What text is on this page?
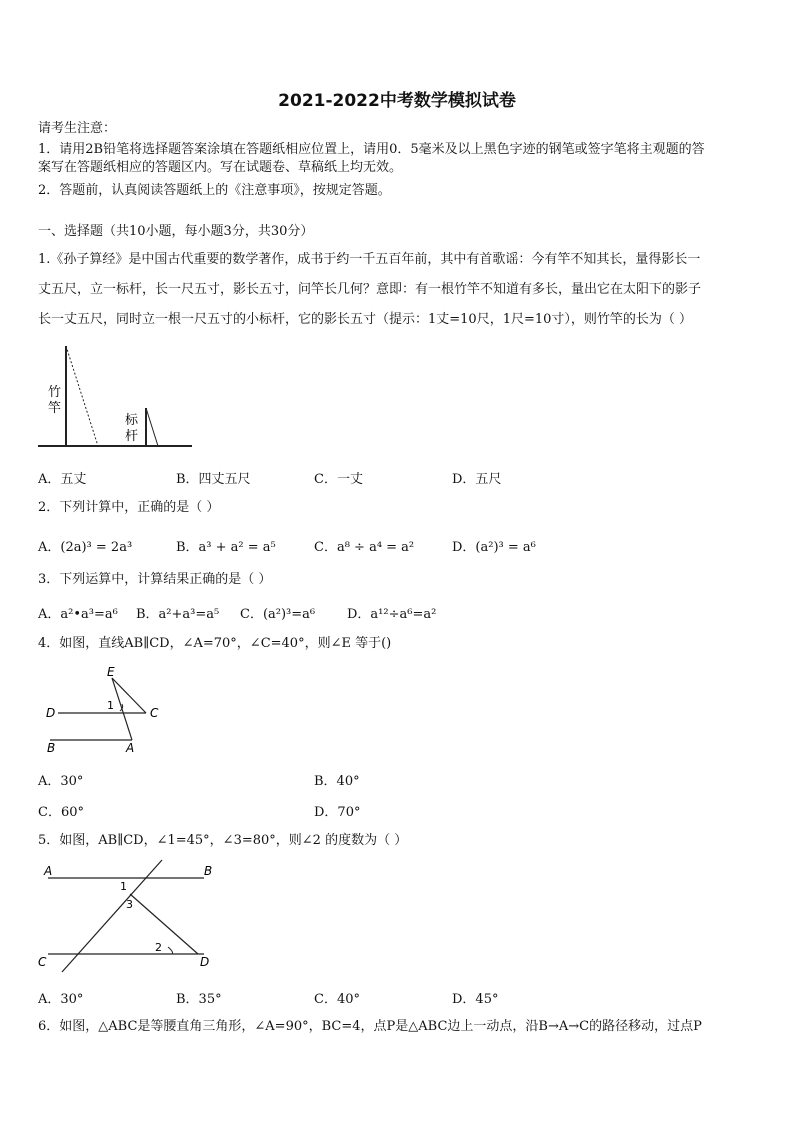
2021-2022中考数学模拟试卷
请考生注意：
1．请用2B铅笔将选择题答案涂填在答题纸相应位置上，请用0．5毫米及以上黑色字迹的钢笔或签字笔将主观题的答
案写在答题纸相应的答题区内。写在试题卷、草稿纸上均无效。
2．答题前，认真阅读答题纸上的《注意事项》，按规定答题。
一、选择题（共10小题，每小题3分，共30分）
1.《孙子算经》是中国古代重要的数学著作，成书于约一千五百年前，其中有首歌谣：今有竿不知其长，量得影长一
丈五尺，立一标杆，长一尺五寸，影长五寸，问竿长几何？意即：有一根竹竿不知道有多长，量出它在太阳下的影子
长一丈五尺，同时立一根一尺五寸的小标杆，它的影长五寸（提示：1丈=10尺，1尺=10寸），则竹竿的长为（ ）
竹
竿
标
杆
A．五丈	B．四丈五尺	C．一丈	D．五尺
2．下列计算中，正确的是（ ）
A．(2a)³ = 2a³	B．a³ + a² = a⁵	C．a⁸ ÷ a⁴ = a²	D．(a²)³ = a⁶
3．下列运算中，计算结果正确的是（ ）
A．a²•a³=a⁶ B．a²+a³=a⁵ C．(a²)³=a⁶ D．a¹²÷a⁶=a²
4．如图，直线AB∥CD，∠A=70°，∠C=40°，则∠E 等于()
E
D	C
B	A
1
A．30°	B．40°
C．60°	D．70°
5．如图，AB∥CD，∠1=45°，∠3=80°，则∠2 的度数为（ ）
A	B
C	D
1
3
2
A．30°	B．35°	C．40°	D．45°
6．如图，△ABC是等腰直角三角形，∠A=90°，BC=4，点P是△ABC边上一动点，沿B→A→C的路径移动，过点P
